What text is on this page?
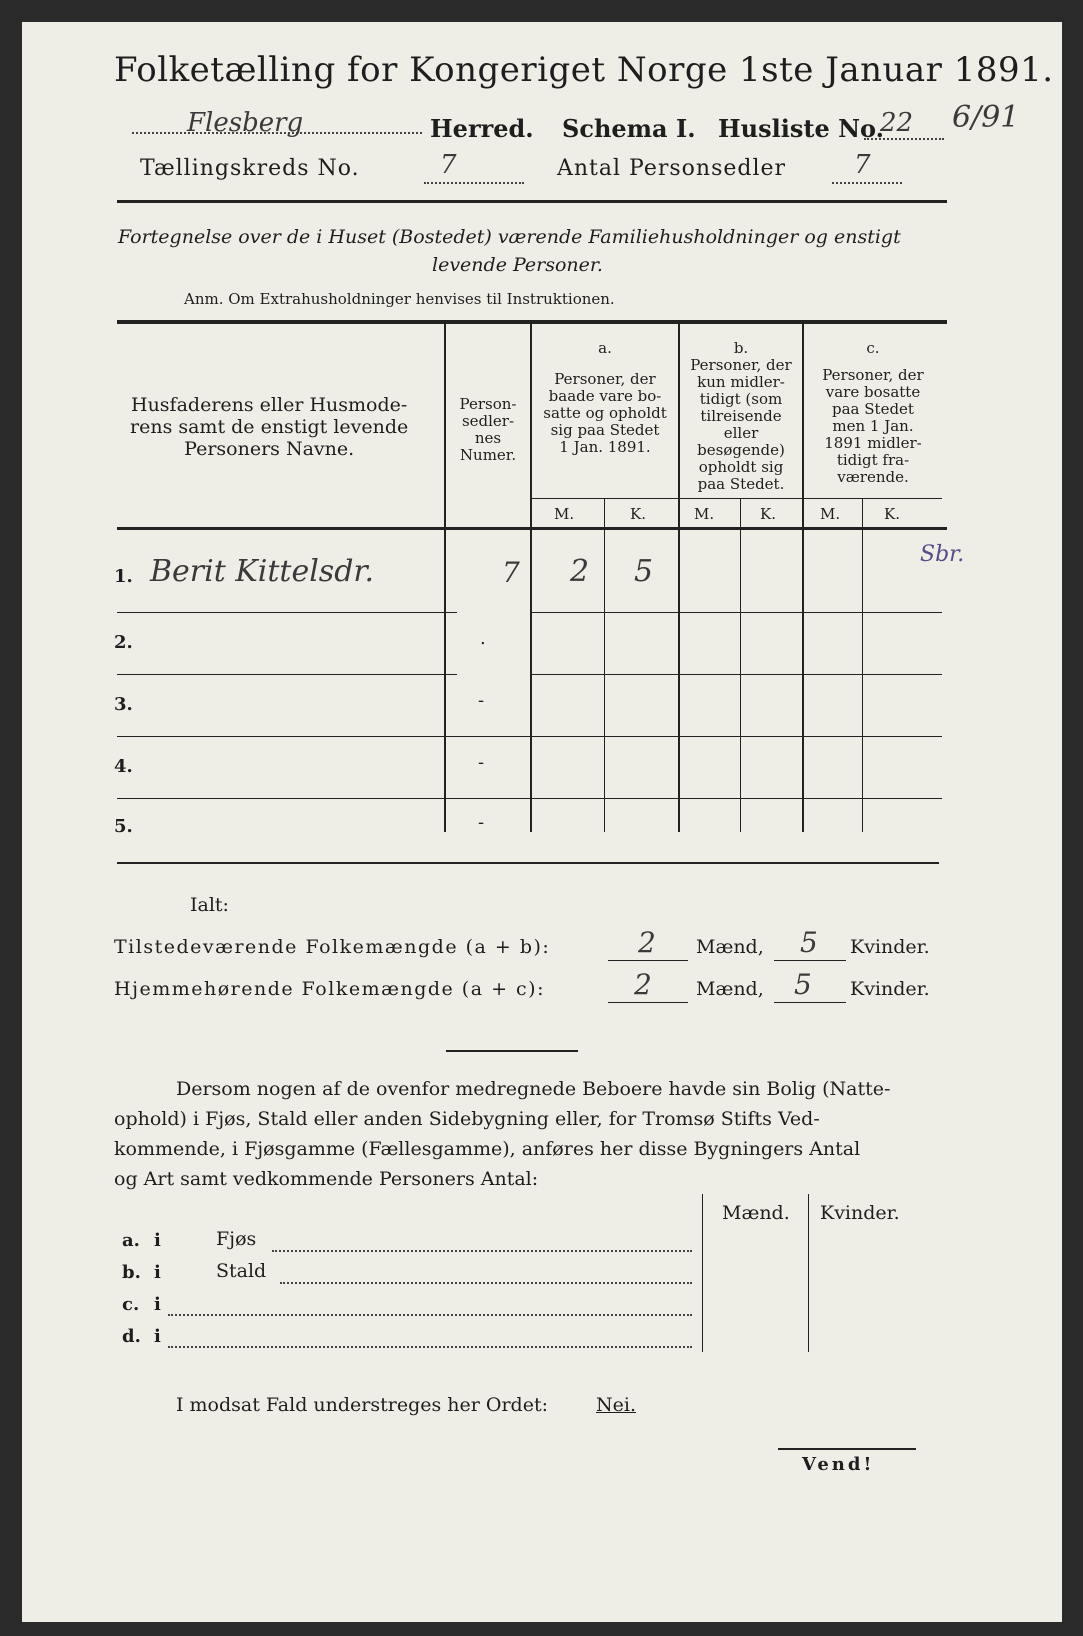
Folketælling for Kongeriget Norge 1ste Januar 1891.
Flesberg	Herred. Schema I. Husliste No.
22 6/91
Tællingskreds No.	7	Antal Personsedler	7
Fortegnelse over de i Huset (Bostedet) værende Familiehusholdninger og enstigt
levende Personer.
Anm. Om Extrahusholdninger henvises til Instruktionen.
Husfaderens eller Husmode-
rens samt de enstigt levende
Personers Navne.
Person-
sedler-
nes
Numer.
a.
Personer, der
baade vare bo-
satte og opholdt
sig paa Stedet
1 Jan. 1891.
b.
Personer, der
kun midler-
tidigt (som
tilreisende
eller
besøgende)
opholdt sig
paa Stedet.
c.
Personer, der
vare bosatte
paa Stedet
men 1 Jan.
1891 midler-
tidigt fra-
værende.
M.	K.	M.	K.	M.	K.
Sbr.
1. Berit Kittelsdr.	7 2 5
2.	.
3.	-
4.	-
5.	-
Ialt:
Tilstedeværende Folkemængde (a + b):	2 Mænd, 5 Kvinder.
Hjemmehørende Folkemængde (a + c):	2 Mænd, 5 Kvinder.
Dersom nogen af de ovenfor medregnede Beboere havde sin Bolig (Natte-
ophold) i Fjøs, Stald eller anden Sidebygning eller, for Tromsø Stifts Ved-
kommende, i Fjøsgamme (Fællesgamme), anføres her disse Bygningers Antal
og Art samt vedkommende Personers Antal:
Mænd. Kvinder.
a. i	Fjøs
b. i	Stald
c. i
d. i
I modsat Fald understreges her Ordet:	Nei.
Vend!
